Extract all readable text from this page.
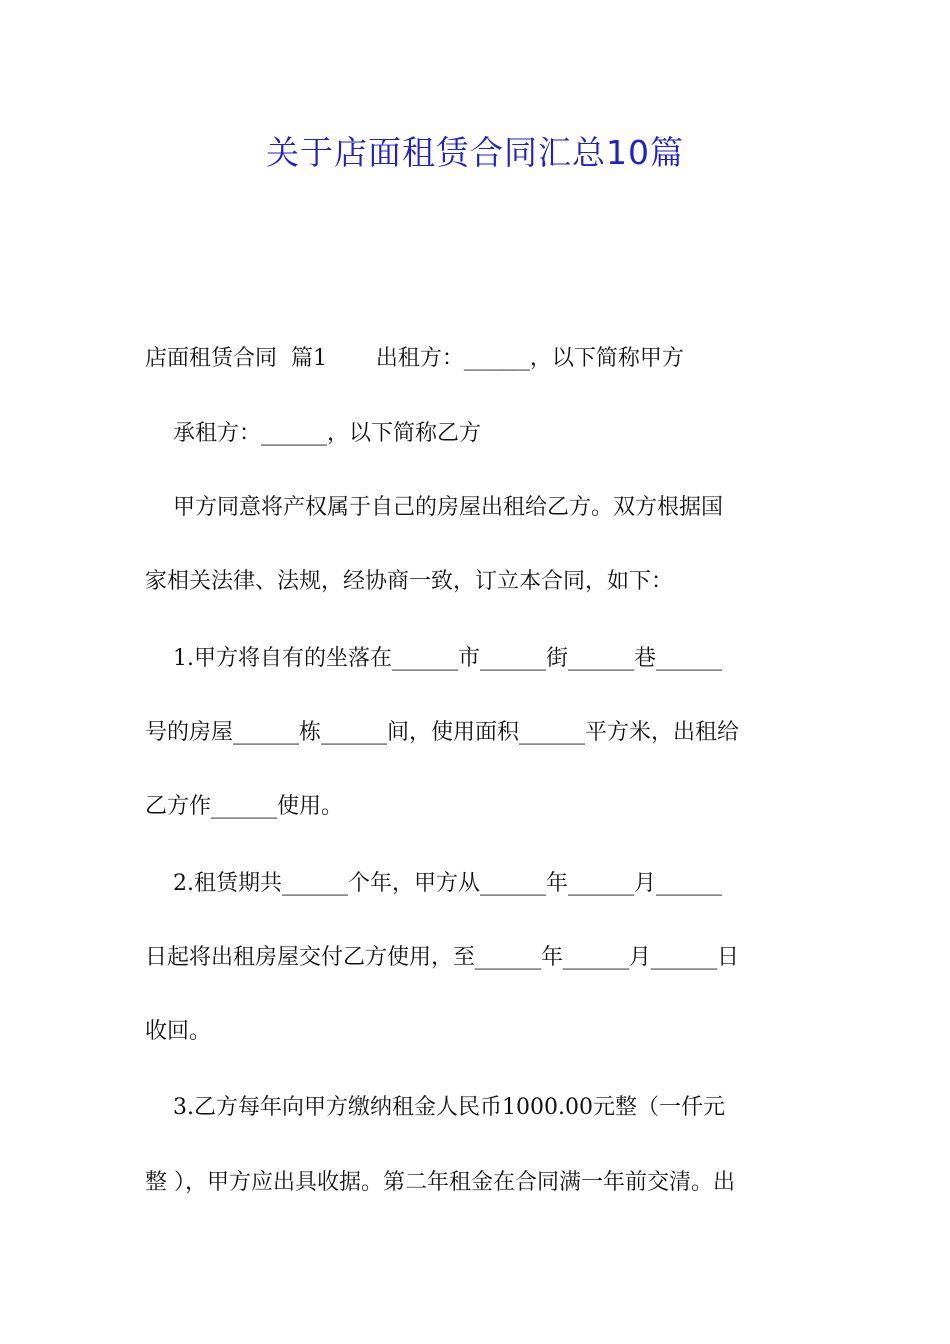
关于店面租赁合同汇总10篇
店面租赁合同  篇1       出租方：______，以下简称甲方
承租方：______，以下简称乙方
甲方同意将产权属于自己的房屋出租给乙方。双方根据国
家相关法律、法规，经协商一致，订立本合同，如下：
1.甲方将自有的坐落在______市______街______巷______
号的房屋______栋______间，使用面积______平方米，出租给
乙方作______使用。
2.租赁期共______个年，甲方从______年______月______
日起将出租房屋交付乙方使用，至______年______月______日
收回。
3.乙方每年向甲方缴纳租金人民币1000.00元整（一仟元
整 ），甲方应出具收据。第二年租金在合同满一年前交清。出
